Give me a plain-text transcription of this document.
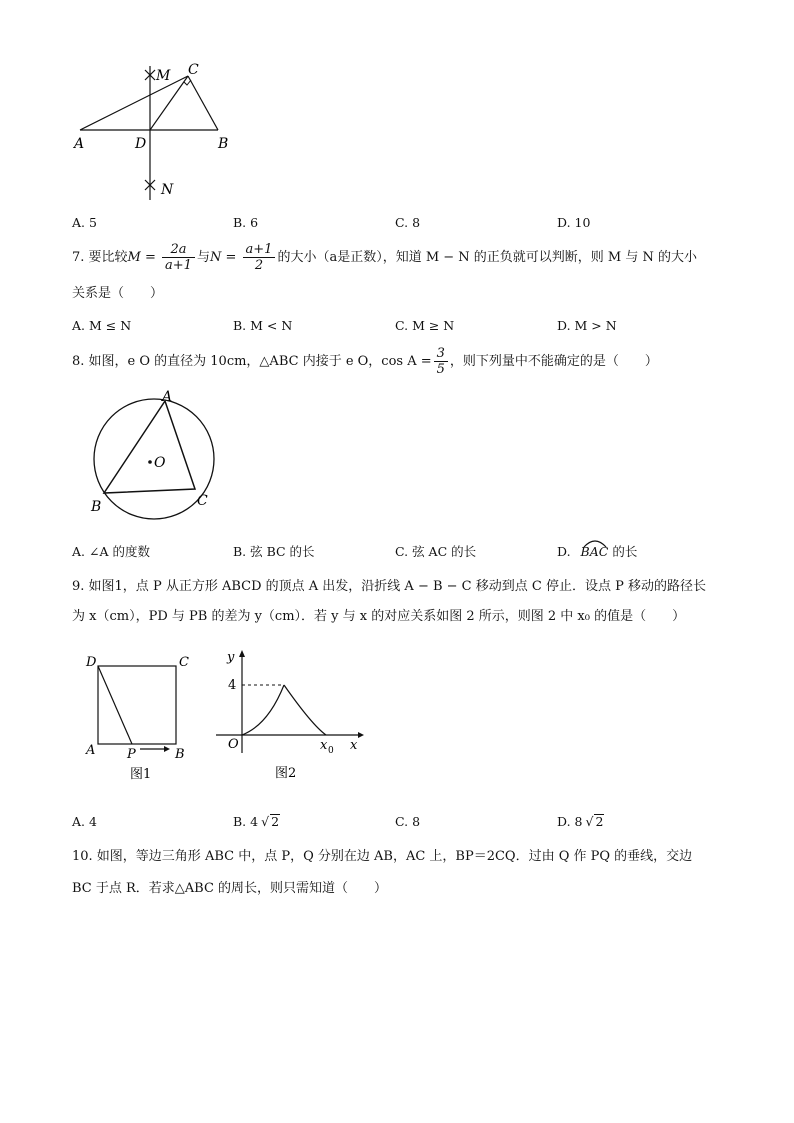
M C
A	D	B
N
A. 5	B. 6	C. 8	D. 10
7. 要比较$M = \frac{2a}{a+1}$ 与$N = \frac{a+1}{2}$ 的大小（a是正数），知道 M − N 的正负就可以判断，则 M 与 N 的大小
关系是（　　）
A. M ≤ N	B. M < N	C. M ≥ N	D. M > N
8. 如图，e O 的直径为 10cm，△ABC 内接于 e O，$\cos A = \frac{3}{5}$ ，则下列量中不能确定的是（　　）
A
O
B	C
A. ∠A 的度数	B. 弦 BC 的长	C. 弦 AC 的长	D. BAC 的长
9. 如图1，点 P 从正方形 ABCD 的顶点 A 出发，沿折线 A − B − C 移动到点 C 停止．设点 P 移动的路径长
为 x（cm），PD 与 PB 的差为 y（cm）．若 y 与 x 的对应关系如图 2 所示，则图 2 中 x₀ 的值是（　　）
D	C
A P	B
图1
y
4
O	x 0 x
图2
A. 4	B. 4 √ 2	C. 8	D. 8 √ 2
10. 如图，等边三角形 ABC 中，点 P，Q 分别在边 AB，AC 上，BP＝2CQ．过由 Q 作 PQ 的垂线，交边
BC 于点 R．若求△ABC 的周长，则只需知道（　　）
